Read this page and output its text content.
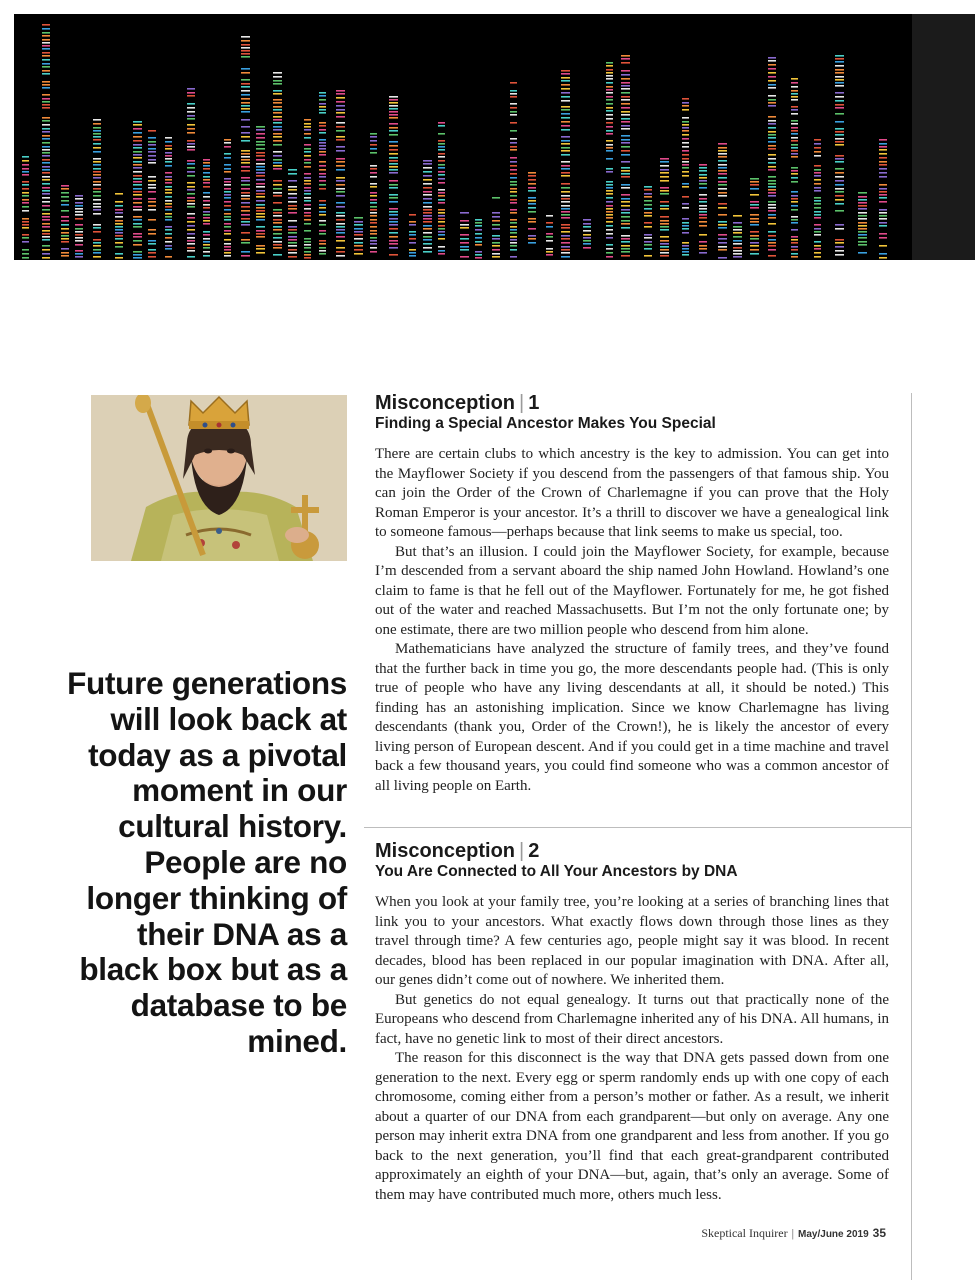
Future generations will look back at today as a pivotal moment in our cultural history. People are no longer thinking of their DNA as a black box but as a database to be mined.
Misconception | 1
Finding a Special Ancestor Makes You Special

There are certain clubs to which ancestry is the key to admission. You can get into the Mayflower Society if you descend from the passengers of that famous ship. You can join the Order of the Crown of Charlemagne if you can prove that the Holy Roman Emperor is your ancestor. It’s a thrill to discover we have a genealogical link to someone famous—perhaps because that link seems to make us special, too.

But that’s an illusion. I could join the Mayflower Society, for example, because I’m descended from a servant aboard the ship named John Howland. Howland’s one claim to fame is that he fell out of the Mayflower. Fortunately for me, he got fished out of the water and reached Massachusetts. But I’m not the only fortunate one; by one estimate, there are two million people who descend from him alone.

Mathematicians have analyzed the structure of family trees, and they’ve found that the further back in time you go, the more descendants people had. (This is only true of people who have any living descendants at all, it should be noted.) This finding has an astonishing implication. Since we know Charlemagne has living descendants (thank you, Order of the Crown!), he is likely the ancestor of every living person of European descent. And if you could get in a time machine and travel back a few thousand years, you could find someone who was a common ancestor of all living people on Earth.

Misconception | 2
You Are Connected to All Your Ancestors by DNA

When you look at your family tree, you’re looking at a series of branching lines that link you to your ancestors. What exactly flows down through those lines as they travel through time? A few centuries ago, people might say it was blood. In recent decades, blood has been replaced in our popular imagination with DNA. After all, our genes didn’t come out of nowhere. We inherited them.

But genetics do not equal genealogy. It turns out that practically none of the Europeans who descend from Charlemagne inherited any of his DNA. All humans, in fact, have no genetic link to most of their direct ancestors.

The reason for this disconnect is the way that DNA gets passed down from one generation to the next. Every egg or sperm randomly ends up with one copy of each chromosome, coming either from a person’s mother or father. As a result, we inherit about a quarter of our DNA from each grandparent—but only on average. Any one person may inherit extra DNA from one grandparent and less from another. If you go back to the next generation, you’ll find that each great-grandparent contributed approximately an eighth of your DNA—but, again, that’s only an average. Some of them may have contributed much more, others much less.

Skeptical Inquirer | May/June 2019 35
